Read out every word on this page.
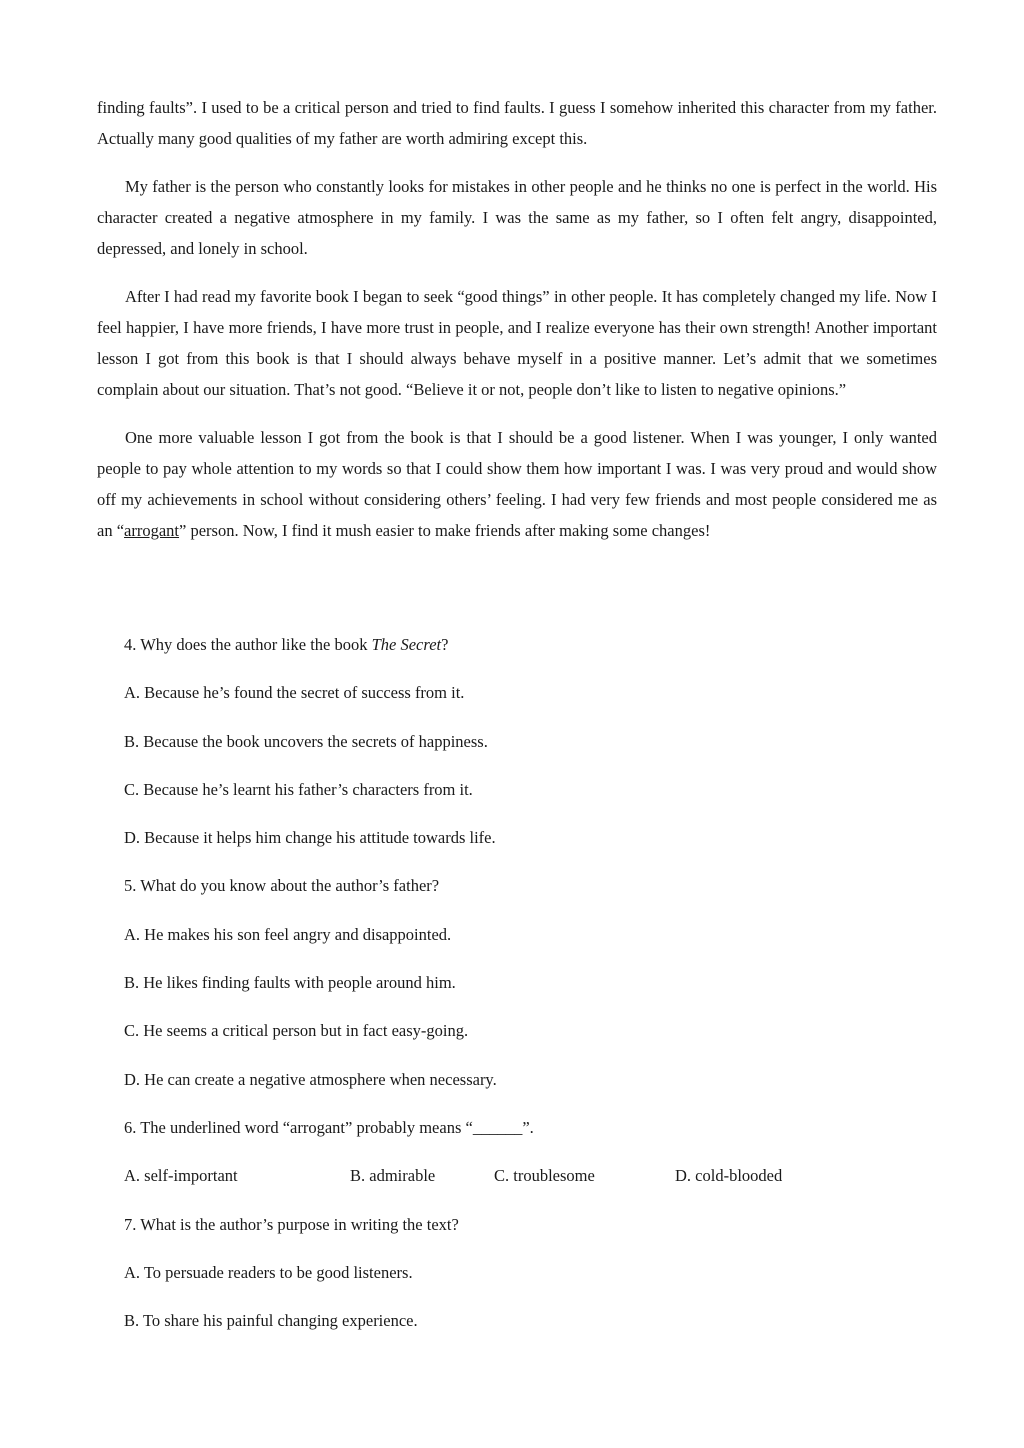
finding faults”. I used to be a critical person and tried to find faults. I guess I somehow inherited this character from my father. Actually many good qualities of my father are worth admiring except this.

My father is the person who constantly looks for mistakes in other people and he thinks no one is perfect in the world. His character created a negative atmosphere in my family. I was the same as my father, so I often felt angry, disappointed, depressed, and lonely in school.

After I had read my favorite book I began to seek “good things” in other people. It has completely changed my life. Now I feel happier, I have more friends, I have more trust in people, and I realize everyone has their own strength! Another important lesson I got from this book is that I should always behave myself in a positive manner. Let’s admit that we sometimes complain about our situation. That’s not good. “Believe it or not, people don’t like to listen to negative opinions.”

One more valuable lesson I got from the book is that I should be a good listener. When I was younger, I only wanted people to pay whole attention to my words so that I could show them how important I was. I was very proud and would show off my achievements in school without considering others’ feeling. I had very few friends and most people considered me as an “arrogant” person. Now, I find it mush easier to make friends after making some changes!

4. Why does the author like the book The Secret?
A. Because he’s found the secret of success from it.
B. Because the book uncovers the secrets of happiness.
C. Because he’s learnt his father’s characters from it.
D. Because it helps him change his attitude towards life.
5. What do you know about the author’s father?
A. He makes his son feel angry and disappointed.
B. He likes finding faults with people around him.
C. He seems a critical person but in fact easy-going.
D. He can create a negative atmosphere when necessary.
6. The underlined word “arrogant” probably means “______”.
A. self-important	B. admirable	C. troublesome	D. cold-blooded
7. What is the author’s purpose in writing the text?
A. To persuade readers to be good listeners.
B. To share his painful changing experience.
